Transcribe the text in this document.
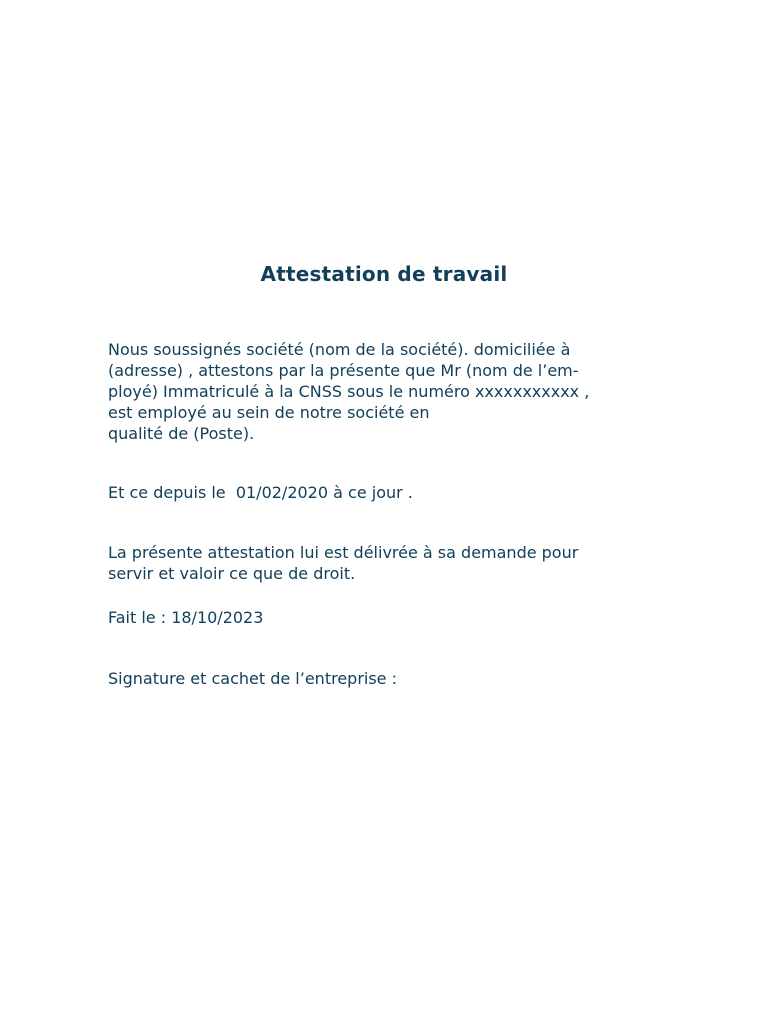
Attestation de travail
Nous soussignés société (nom de la société). domiciliée à
(adresse) , attestons par la présente que Mr (nom de l’em-
ployé) Immatriculé à la CNSS sous le numéro xxxxxxxxxxx ,
est employé au sein de notre société en
qualité de (Poste).
Et ce depuis le  01/02/2020 à ce jour .
La présente attestation lui est délivrée à sa demande pour
servir et valoir ce que de droit.
Fait le : 18/10/2023
Signature et cachet de l’entreprise :
